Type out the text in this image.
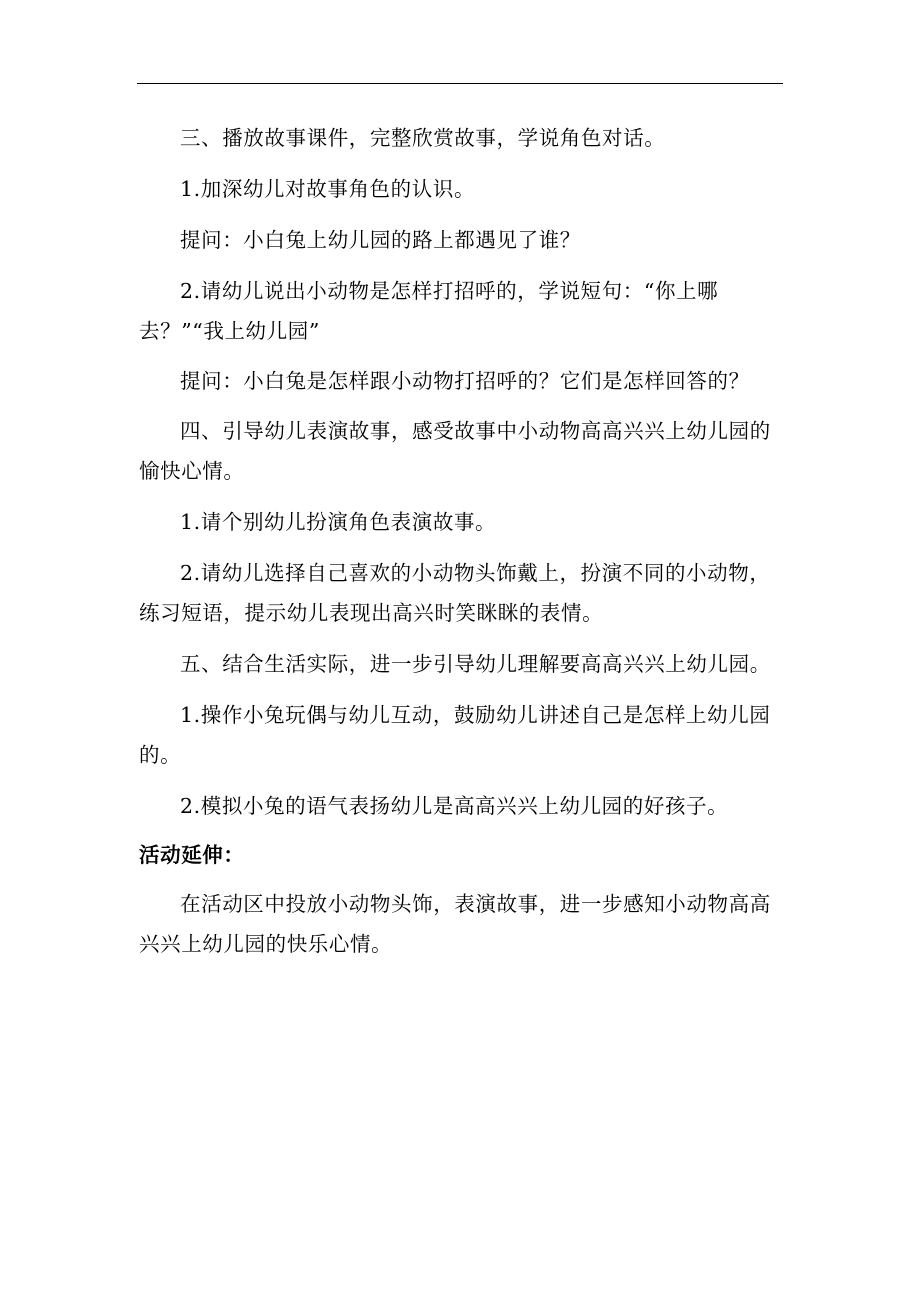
三、播放故事课件，完整欣赏故事，学说角色对话。

1.加深幼儿对故事角色的认识。

提问：小白兔上幼儿园的路上都遇见了谁？

2.请幼儿说出小动物是怎样打招呼的，学说短句：“你上哪去？”“我上幼儿园”

提问：小白兔是怎样跟小动物打招呼的？它们是怎样回答的？

四、引导幼儿表演故事，感受故事中小动物高高兴兴上幼儿园的愉快心情。

1.请个别幼儿扮演角色表演故事。

2.请幼儿选择自己喜欢的小动物头饰戴上，扮演不同的小动物，练习短语，提示幼儿表现出高兴时笑眯眯的表情。

五、结合生活实际，进一步引导幼儿理解要高高兴兴上幼儿园。

1.操作小兔玩偶与幼儿互动，鼓励幼儿讲述自己是怎样上幼儿园的。

2.模拟小兔的语气表扬幼儿是高高兴兴上幼儿园的好孩子。

活动延伸：

在活动区中投放小动物头饰，表演故事，进一步感知小动物高高兴兴上幼儿园的快乐心情。
